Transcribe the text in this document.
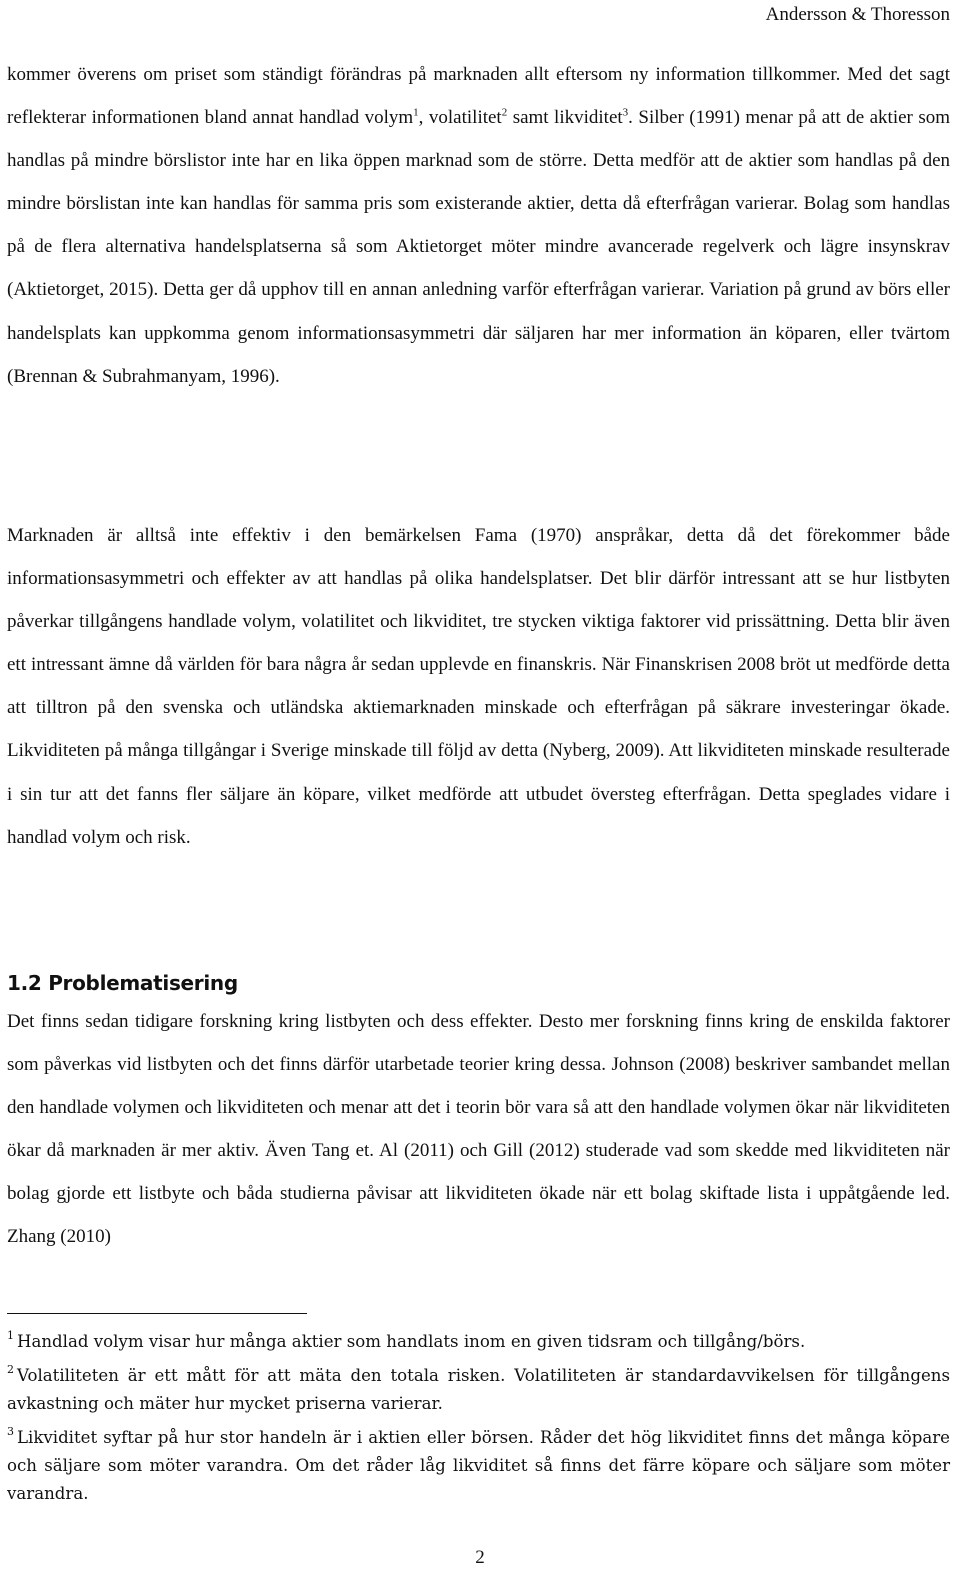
Andersson & Thoresson
kommer överens om priset som ständigt förändras på marknaden allt eftersom ny information tillkommer. Med det sagt reflekterar informationen bland annat handlad volym$^1$, volatilitet$^2$ samt likviditet$^3$. Silber (1991) menar på att de aktier som handlas på mindre börslistor inte har en lika öppen marknad som de större. Detta medför att de aktier som handlas på den mindre börslistan inte kan handlas för samma pris som existerande aktier, detta då efterfrågan varierar. Bolag som handlas på de flera alternativa handelsplatserna så som Aktietorget möter mindre avancerade regelverk och lägre insynskrav (Aktietorget, 2015). Detta ger då upphov till en annan anledning varför efterfrågan varierar. Variation på grund av börs eller handelsplats kan uppkomma genom informationsasymmetri där säljaren har mer information än köparen, eller tvärtom (Brennan & Subrahmanyam, 1996).
Marknaden är alltså inte effektiv i den bemärkelsen Fama (1970) anspråkar, detta då det förekommer både informationsasymmetri och effekter av att handlas på olika handelsplatser. Det blir därför intressant att se hur listbyten påverkar tillgångens handlade volym, volatilitet och likviditet, tre stycken viktiga faktorer vid prissättning. Detta blir även ett intressant ämne då världen för bara några år sedan upplevde en finanskris. När Finanskrisen 2008 bröt ut medförde detta att tilltron på den svenska och utländska aktiemarknaden minskade och efterfrågan på säkrare investeringar ökade. Likviditeten på många tillgångar i Sverige minskade till följd av detta (Nyberg, 2009). Att likviditeten minskade resulterade i sin tur att det fanns fler säljare än köpare, vilket medförde att utbudet översteg efterfrågan. Detta speglades vidare i handlad volym och risk.
1.2 Problematisering
Det finns sedan tidigare forskning kring listbyten och dess effekter. Desto mer forskning finns kring de enskilda faktorer som påverkas vid listbyten och det finns därför utarbetade teorier kring dessa. Johnson (2008) beskriver sambandet mellan den handlade volymen och likviditeten och menar att det i teorin bör vara så att den handlade volymen ökar när likviditeten ökar då marknaden är mer aktiv. Även Tang et. Al (2011) och Gill (2012) studerade vad som skedde med likviditeten när bolag gjorde ett listbyte och båda studierna påvisar att likviditeten ökade när ett bolag skiftade lista i uppåtgående led. Zhang (2010)

$^1$ Handlad volym visar hur många aktier som handlats inom en given tidsram och tillgång/börs.

$^2$ Volatiliteten är ett mått för att mäta den totala risken. Volatiliteten är standardavvikelsen för tillgångens avkastning och mäter hur mycket priserna varierar.

$^3$ Likviditet syftar på hur stor handeln är i aktien eller börsen. Råder det hög likviditet finns det många köpare och säljare som möter varandra. Om det råder låg likviditet så finns det färre köpare och säljare som möter varandra.

2
